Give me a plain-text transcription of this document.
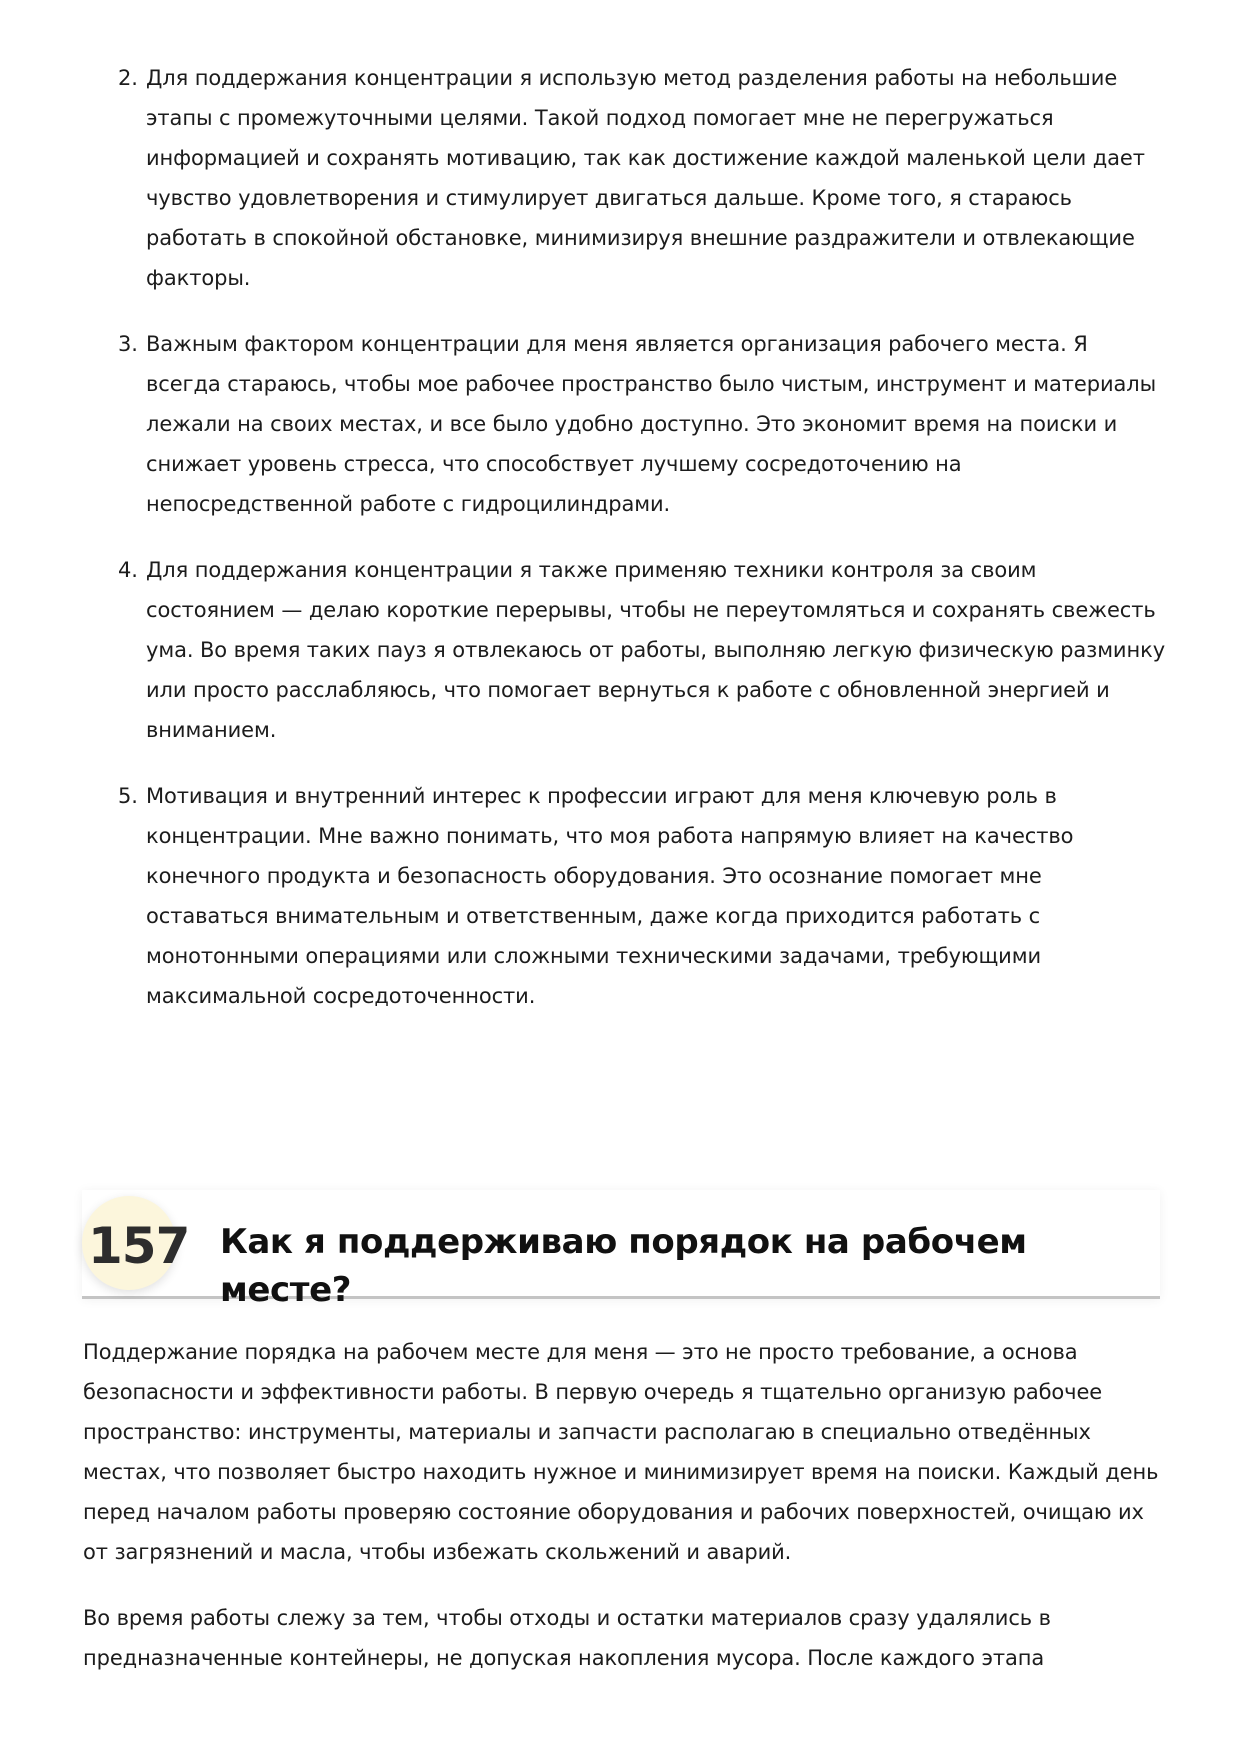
2. Для поддержания концентрации я использую метод разделения работы на небольшие этапы с промежуточными целями. Такой подход помогает мне не перегружаться информацией и сохранять мотивацию, так как достижение каждой маленькой цели дает чувство удовлетворения и стимулирует двигаться дальше. Кроме того, я стараюсь работать в спокойной обстановке, минимизируя внешние раздражители и отвлекающие факторы.
3. Важным фактором концентрации для меня является организация рабочего места. Я всегда стараюсь, чтобы мое рабочее пространство было чистым, инструмент и материалы лежали на своих местах, и все было удобно доступно. Это экономит время на поиски и снижает уровень стресса, что способствует лучшему сосредоточению на непосредственной работе с гидроцилиндрами.
4. Для поддержания концентрации я также применяю техники контроля за своим состоянием — делаю короткие перерывы, чтобы не переутомляться и сохранять свежесть ума. Во время таких пауз я отвлекаюсь от работы, выполняю легкую физическую разминку или просто расслабляюсь, что помогает вернуться к работе с обновленной энергией и вниманием.
5. Мотивация и внутренний интерес к профессии играют для меня ключевую роль в концентрации. Мне важно понимать, что моя работа напрямую влияет на качество конечного продукта и безопасность оборудования. Это осознание помогает мне оставаться внимательным и ответственным, даже когда приходится работать с монотонными операциями или сложными техническими задачами, требующими максимальной сосредоточенности.
157 Как я поддерживаю порядок на рабочем месте?

Поддержание порядка на рабочем месте для меня — это не просто требование, а основа безопасности и эффективности работы. В первую очередь я тщательно организую рабочее пространство: инструменты, материалы и запчасти располагаю в специально отведённых местах, что позволяет быстро находить нужное и минимизирует время на поиски. Каждый день перед началом работы проверяю состояние оборудования и рабочих поверхностей, очищаю их от загрязнений и масла, чтобы избежать скольжений и аварий.

Во время работы слежу за тем, чтобы отходы и остатки материалов сразу удалялись в предназначенные контейнеры, не допуская накопления мусора. После каждого этапа
